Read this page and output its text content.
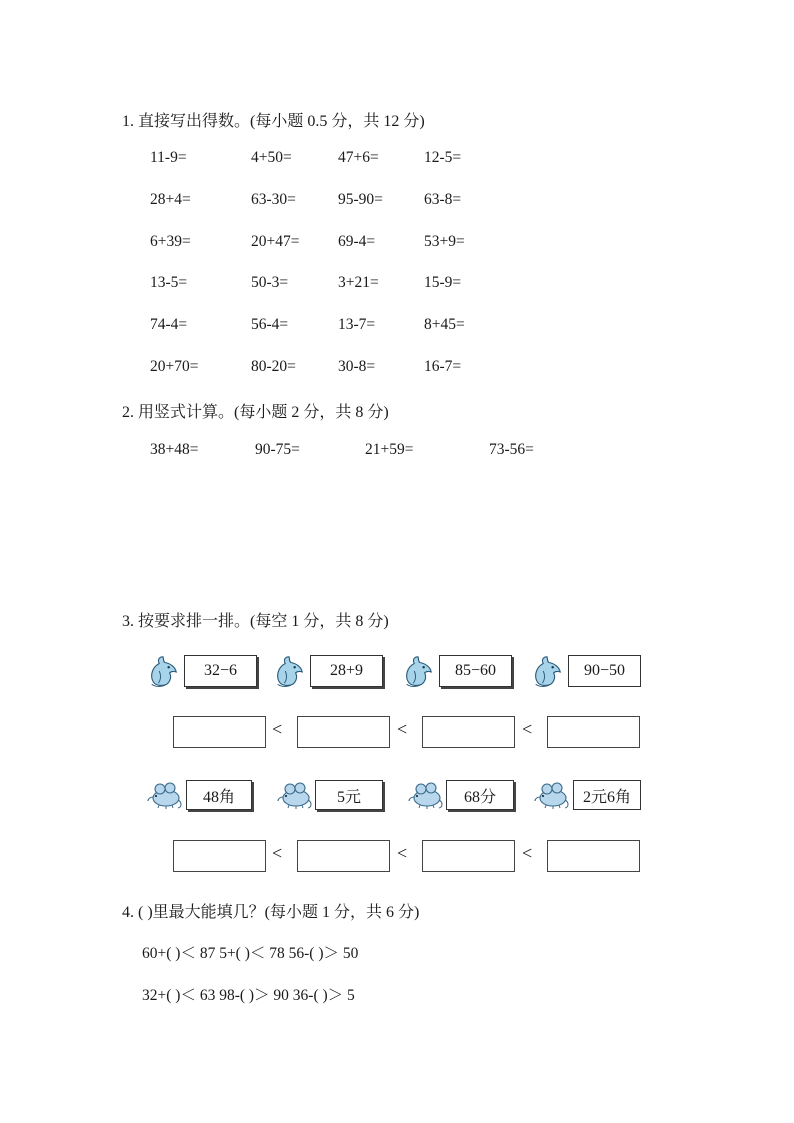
1. 直接写出得数。(每小题 0.5 分，共 12 分)
11-9=	4+50=	47+6=	12-5=
28+4=	63-30=	95-90=	63-8=
6+39=	20+47= 69-4=	53+9=
13-5=	50-3=	3+21=	15-9=
74-4=	56-4=	13-7=	8+45=
20+70=	80-20=	30-8=	16-7=
2. 用竖式计算。(每小题 2 分，共 8 分)
38+48=	90-75=	21+59=	73-56=
3. 按要求排一排。(每空 1 分，共 8 分)
32−6	28+9	85−60	90−50
<	<	<
48角	5元	68分	2元6角
<	<	<
4. ( )里最大能填几？(每小题 1 分，共 6 分)
60+( )＜ 87 5+( )＜ 78 56-( )＞ 50
32+( )＜ 63 98-( )＞ 90 36-( )＞ 5
